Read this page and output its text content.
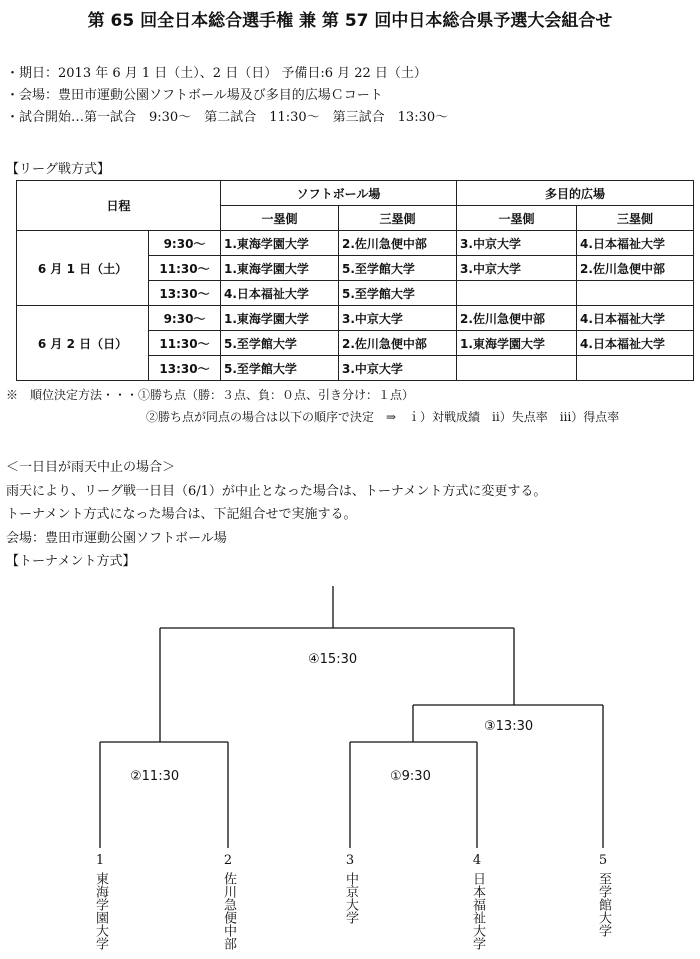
第 65 回全日本総合選手権 兼 第 57 回中日本総合県予選大会組合せ
・期日：2013 年 6 月 1 日（土）、2 日（日） 予備日:6 月 22 日（土）
・会場：豊田市運動公園ソフトボール場及び多目的広場Ｃコート
・試合開始…第一試合　9:30〜　第二試合　11:30〜　第三試合　13:30〜
【リーグ戦方式】
日程		ソフトボール場		多目的広場	
		一塁側	三塁側	一塁側	三塁側
6 月 1 日（土）	9:30〜	1.東海学園大学	2.佐川急便中部	3.中京大学	4.日本福祉大学
	11:30〜	1.東海学園大学	5.至学館大学	3.中京大学	2.佐川急便中部
	13:30〜	4.日本福祉大学	5.至学館大学		
6 月 2 日（日）	9:30〜	1.東海学園大学	3.中京大学	2.佐川急便中部	4.日本福祉大学
	11:30〜	5.至学館大学	2.佐川急便中部	1.東海学園大学	4.日本福祉大学
	13:30〜	5.至学館大学	3.中京大学		
※　順位決定方法・・・①勝ち点（勝：３点、負：０点、引き分け：１点）
②勝ち点が同点の場合は以下の順序で決定　⇒　ｉ）対戦成績　ⅱ）失点率　ⅲ）得点率
＜一日目が雨天中止の場合＞
雨天により、リーグ戦一日目（6/1）が中止となった場合は、トーナメント方式に変更する。
トーナメント方式になった場合は、下記組合せで実施する。
会場：豊田市運動公園ソフトボール場
【トーナメント方式】
④15:30
③13:30
②11:30	①9:30
1
東海学園大学
2
佐川急便中部
3
中京大学
4
日本福祉大学
5
至学館大学
